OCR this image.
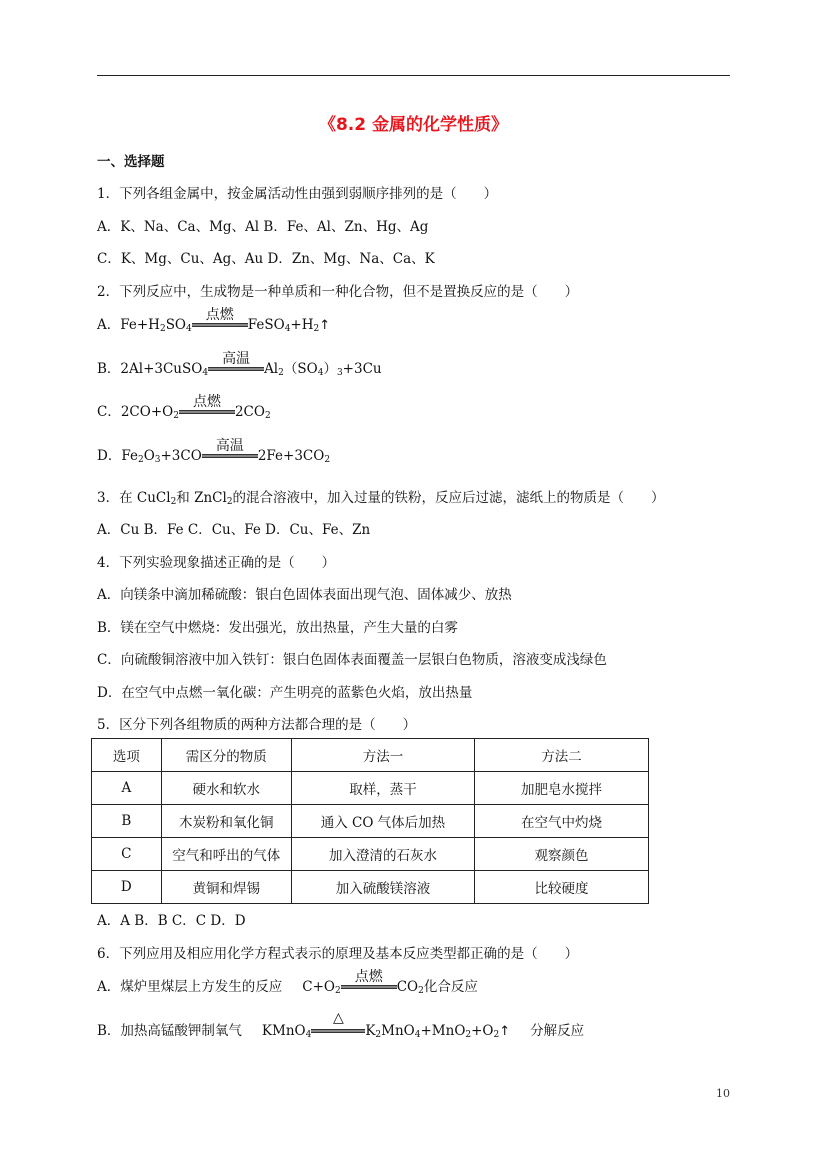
《8.2 金属的化学性质》
一、选择题
1．下列各组金属中，按金属活动性由强到弱顺序排列的是（　　）
A．K、Na、Ca、Mg、Al B．Fe、Al、Zn、Hg、Ag
C．K、Mg、Cu、Ag、Au D．Zn、Mg、Na、Ca、K
2．下列反应中，生成物是一种单质和一种化合物，但不是置换反应的是（　　）
A．$Fe+H_2SO_4$
点燃
$FeSO_4+H_2↑$
B．2Al+3CuSO$_4$
高温
$Al_2(SO_4)_3+3Cu$
C．$2CO+O_2$
点燃
$2CO_2$
D．$Fe_2O_3+3CO$
高温
$2Fe+3CO_2$
3．在 CuCl$_2$和 ZnCl$_2$的混合溶液中，加入过量的铁粉，反应后过滤，滤纸上的物质是（　　）
A．Cu B．Fe C．Cu、Fe D．Cu、Fe、Zn
4．下列实验现象描述正确的是（　　）
A．向镁条中滴加稀硫酸：银白色固体表面出现气泡、固体减少、放热
B．镁在空气中燃烧：发出强光，放出热量，产生大量的白雾
C．向硫酸铜溶液中加入铁钉：银白色固体表面覆盖一层银白色物质，溶液变成浅绿色
D．在空气中点燃一氧化碳：产生明亮的蓝紫色火焰，放出热量
5．区分下列各组物质的两种方法都合理的是（　　）
选项	需区分的物质	方法一	方法二
A	硬水和软水	取样，蒸干	加肥皂水搅拌
B	木炭粉和氧化铜	通入 CO 气体后加热	在空气中灼烧
C	空气和呼出的气体	加入澄清的石灰水	观察颜色
D	黄铜和焊锡	加入硫酸镁溶液	比较硬度
A．A B．B C．C D．D
6．下列应用及相应用化学方程式表示的原理及基本反应类型都正确的是（　　）
A．煤炉里煤层上方发生的反应 $C+O_2$
点燃
$CO_2$化合反应
B．加热高锰酸钾制氧气 KMnO$_4$
△
$K_2MnO_4+MnO_2+O_2↑$ 分解反应
10
